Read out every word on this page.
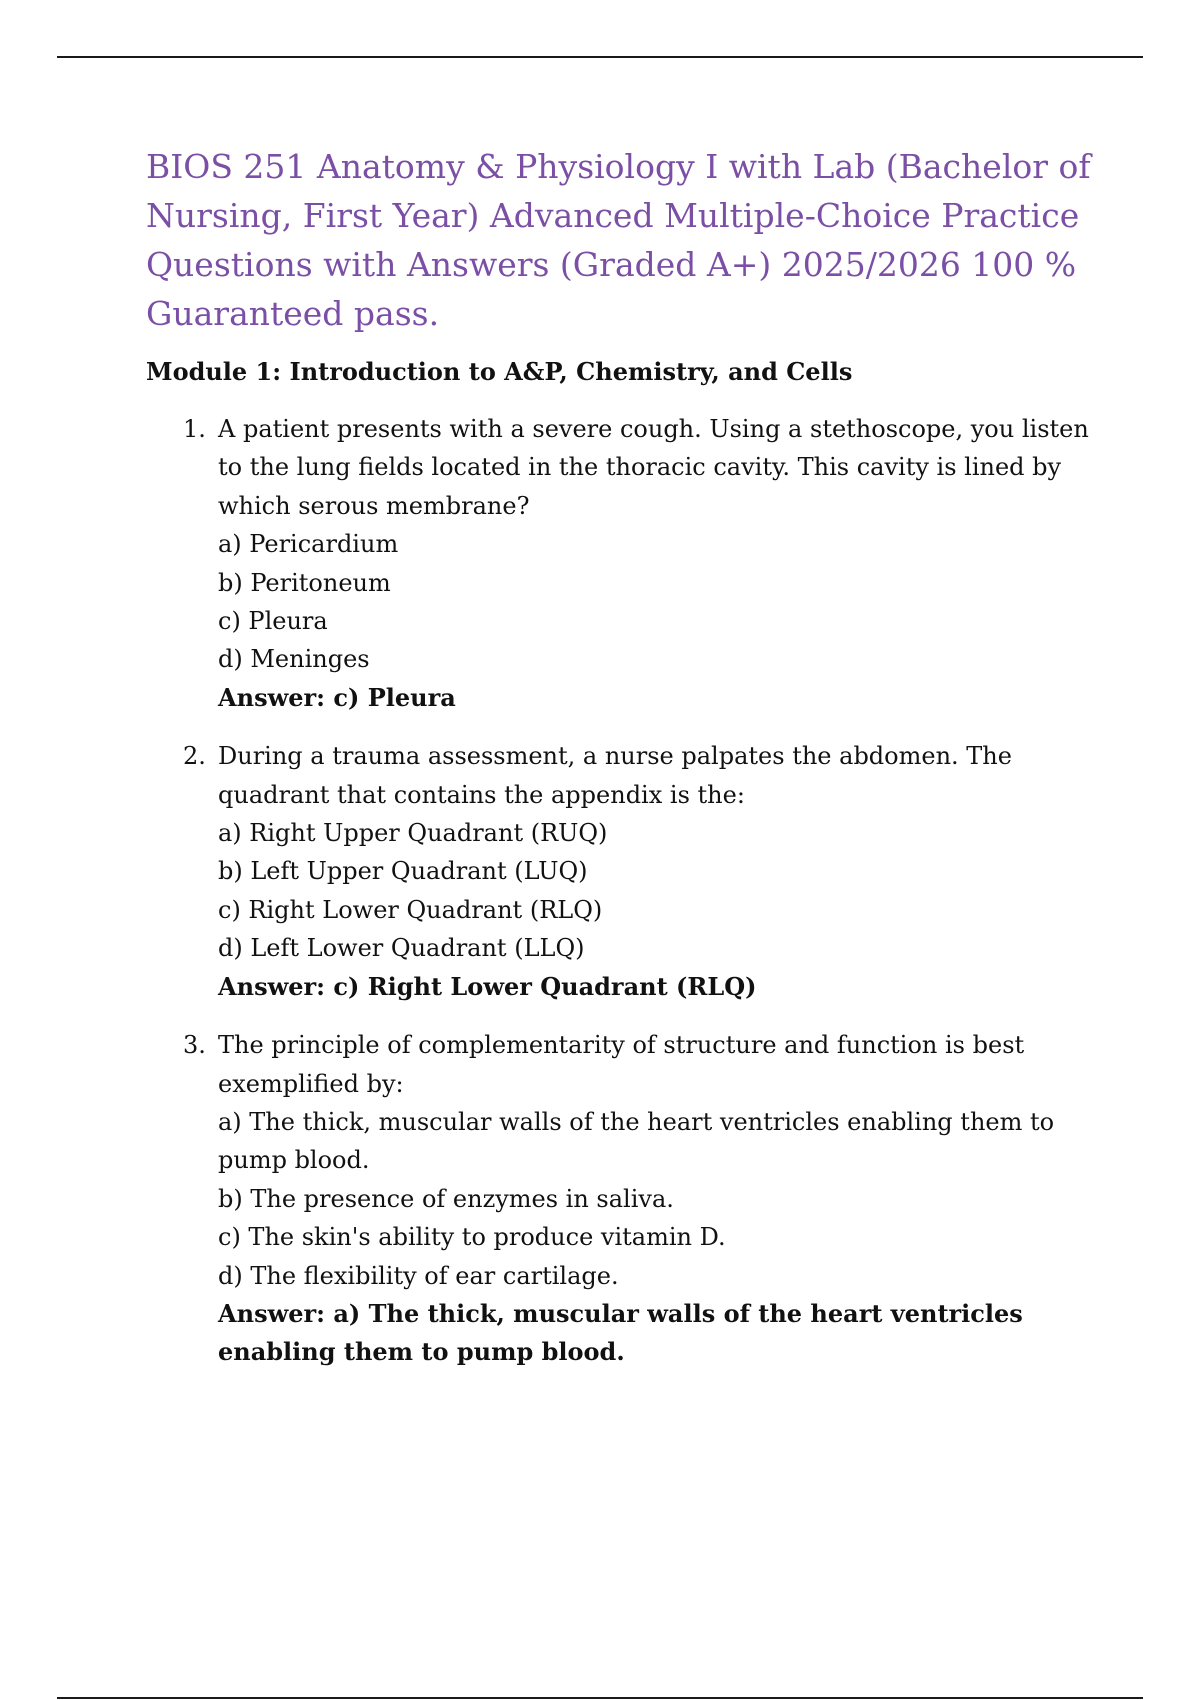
BIOS 251 Anatomy & Physiology I with Lab (Bachelor of Nursing, First Year) Advanced Multiple-Choice Practice Questions with Answers (Graded A+) 2025/2026 100 % Guaranteed pass.
Module 1: Introduction to A&P, Chemistry, and Cells
1. A patient presents with a severe cough. Using a stethoscope, you listen to the lung fields located in the thoracic cavity. This cavity is lined by which serous membrane?
a) Pericardium
b) Peritoneum
c) Pleura
d) Meninges
Answer: c) Pleura
2. During a trauma assessment, a nurse palpates the abdomen. The quadrant that contains the appendix is the:
a) Right Upper Quadrant (RUQ)
b) Left Upper Quadrant (LUQ)
c) Right Lower Quadrant (RLQ)
d) Left Lower Quadrant (LLQ)
Answer: c) Right Lower Quadrant (RLQ)
3. The principle of complementarity of structure and function is best exemplified by:
a) The thick, muscular walls of the heart ventricles enabling them to pump blood.
b) The presence of enzymes in saliva.
c) The skin's ability to produce vitamin D.
d) The flexibility of ear cartilage.
Answer: a) The thick, muscular walls of the heart ventricles enabling them to pump blood.
